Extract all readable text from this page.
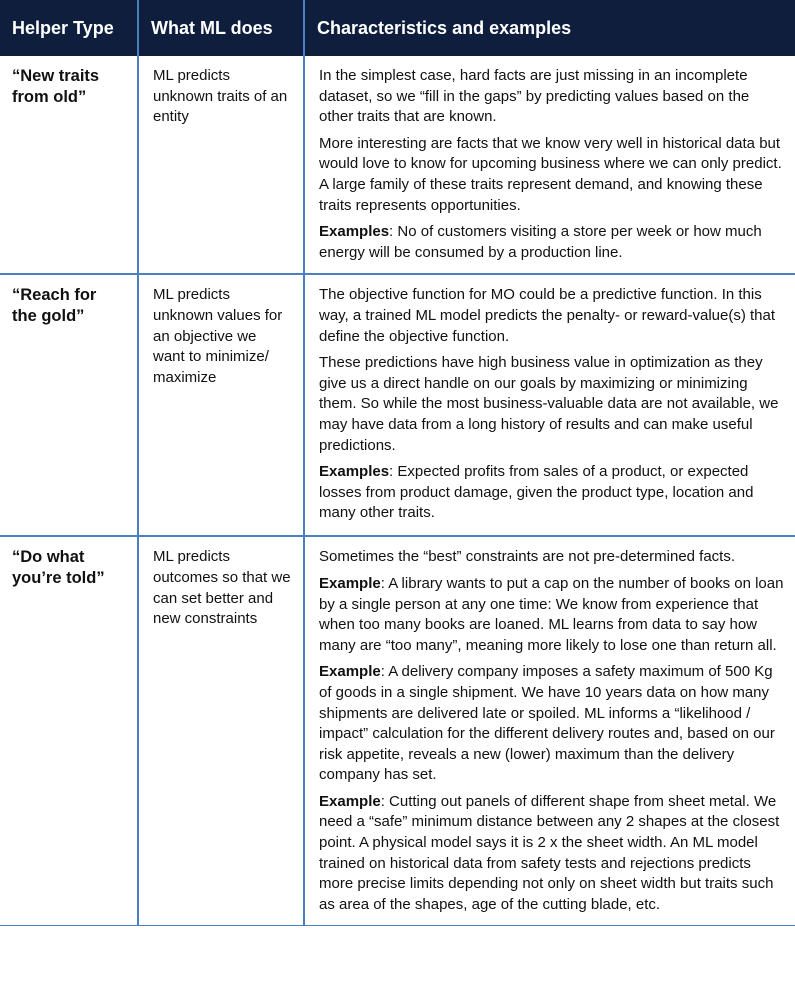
Helper Type	What ML does	Characteristics and examples
“New traits from old”	ML predicts unknown traits of an entity	In the simplest case, hard facts are just missing in an incomplete dataset, so we “fill in the gaps” by predicting values based on the other traits that are known.

More interesting are facts that we know very well in historical data but would love to know for upcoming business where we can only predict. A large family of these traits represent demand, and knowing these traits represents opportunities.

Examples: No of customers visiting a store per week or how much energy will be consumed by a production line.

“Reach for the gold”	ML predicts unknown values for an objective we want to minimize/ maximize	The objective function for MO could be a predictive function. In this way, a trained ML model predicts the penalty- or reward-value(s) that define the objective function.

These predictions have high business value in optimization as they give us a direct handle on our goals by maximizing or minimizing them. So while the most business-valuable data are not available, we may have data from a long history of results and can make useful predictions.

Examples: Expected profits from sales of a product, or expected losses from product damage, given the product type, location and many other traits.

“Do what you’re told”	ML predicts outcomes so that we can set better and new constraints	Sometimes the “best” constraints are not pre-determined facts.

Example: A library wants to put a cap on the number of books on loan by a single person at any one time: We know from experience that when too many books are loaned. ML learns from data to say how many are “too many”, meaning more likely to lose one than return all.

Example: A delivery company imposes a safety maximum of 500 Kg of goods in a single shipment. We have 10 years data on how many shipments are delivered late or spoiled. ML informs a “likelihood / impact” calculation for the different delivery routes and, based on our risk appetite, reveals a new (lower) maximum than the delivery company has set.

Example: Cutting out panels of different shape from sheet metal. We need a “safe” minimum distance between any 2 shapes at the closest point. A physical model says it is 2 x the sheet width. An ML model trained on historical data from safety tests and rejections predicts more precise limits depending not only on sheet width but traits such as area of the shapes, age of the cutting blade, etc.
